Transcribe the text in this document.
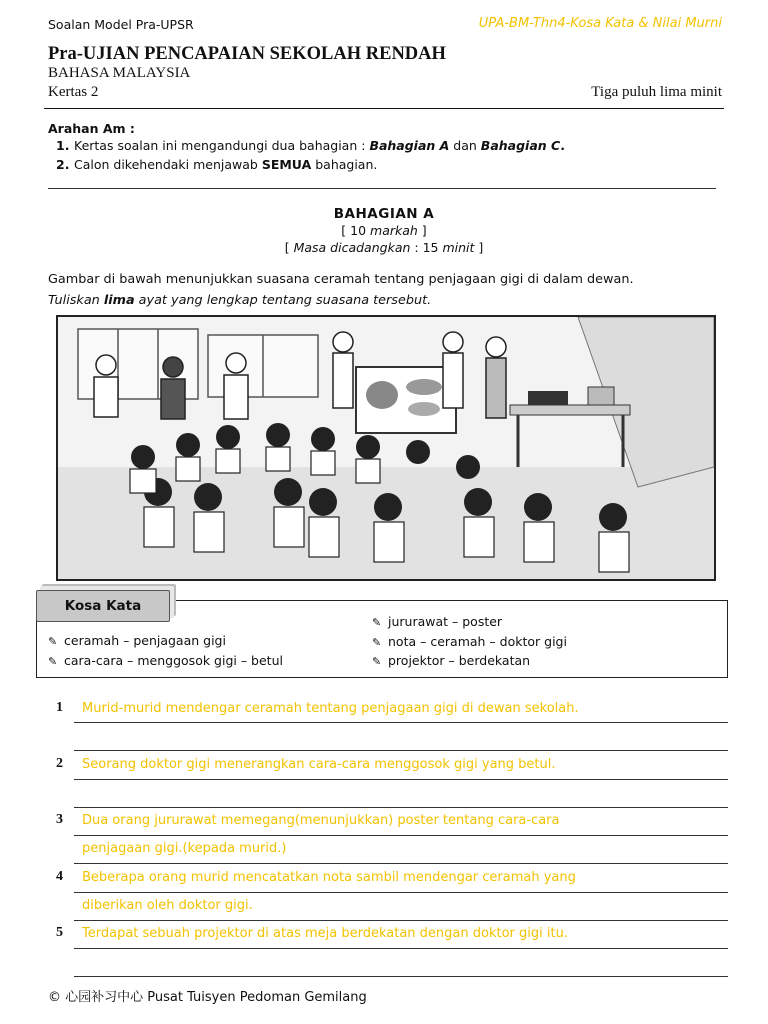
Soalan Model Pra-UPSR	UPA-BM-Thn4-Kosa Kata & Nilai Murni
Pra-UJIAN PENCAPAIAN SEKOLAH RENDAH
BAHASA MALAYSIA
Kertas 2	Tiga puluh lima minit
Arahan Am :
1. Kertas soalan ini mengandungi dua bahagian : Bahagian A dan Bahagian C.
2. Calon dikehendaki menjawab SEMUA bahagian.
BAHAGIAN A
[ 10 markah ]
[ Masa dicadangkan : 15 minit ]
Gambar di bawah menunjukkan suasana ceramah tentang penjagaan gigi di dalam dewan.
Tuliskan lima ayat yang lengkap tentang suasana tersebut.
Kosa Kata
✎ ceramah – penjagaan gigi
✎ cara-cara – menggosok gigi – betul
✎ jururawat – poster
✎ nota – ceramah – doktor gigi
✎ projektor – berdekatan
1 Murid-murid mendengar ceramah tentang penjagaan gigi di dewan sekolah.
2 Seorang doktor gigi menerangkan cara-cara menggosok gigi yang betul.
3 Dua orang jururawat memegang(menunjukkan) poster tentang cara-cara
penjagaan gigi.(kepada murid.)
4 Beberapa orang murid mencatatkan nota sambil mendengar ceramah yang
diberikan oleh doktor gigi.
5 Terdapat sebuah projektor di atas meja berdekatan dengan doktor gigi itu.
© 心园补习中心 Pusat Tuisyen Pedoman Gemilang
